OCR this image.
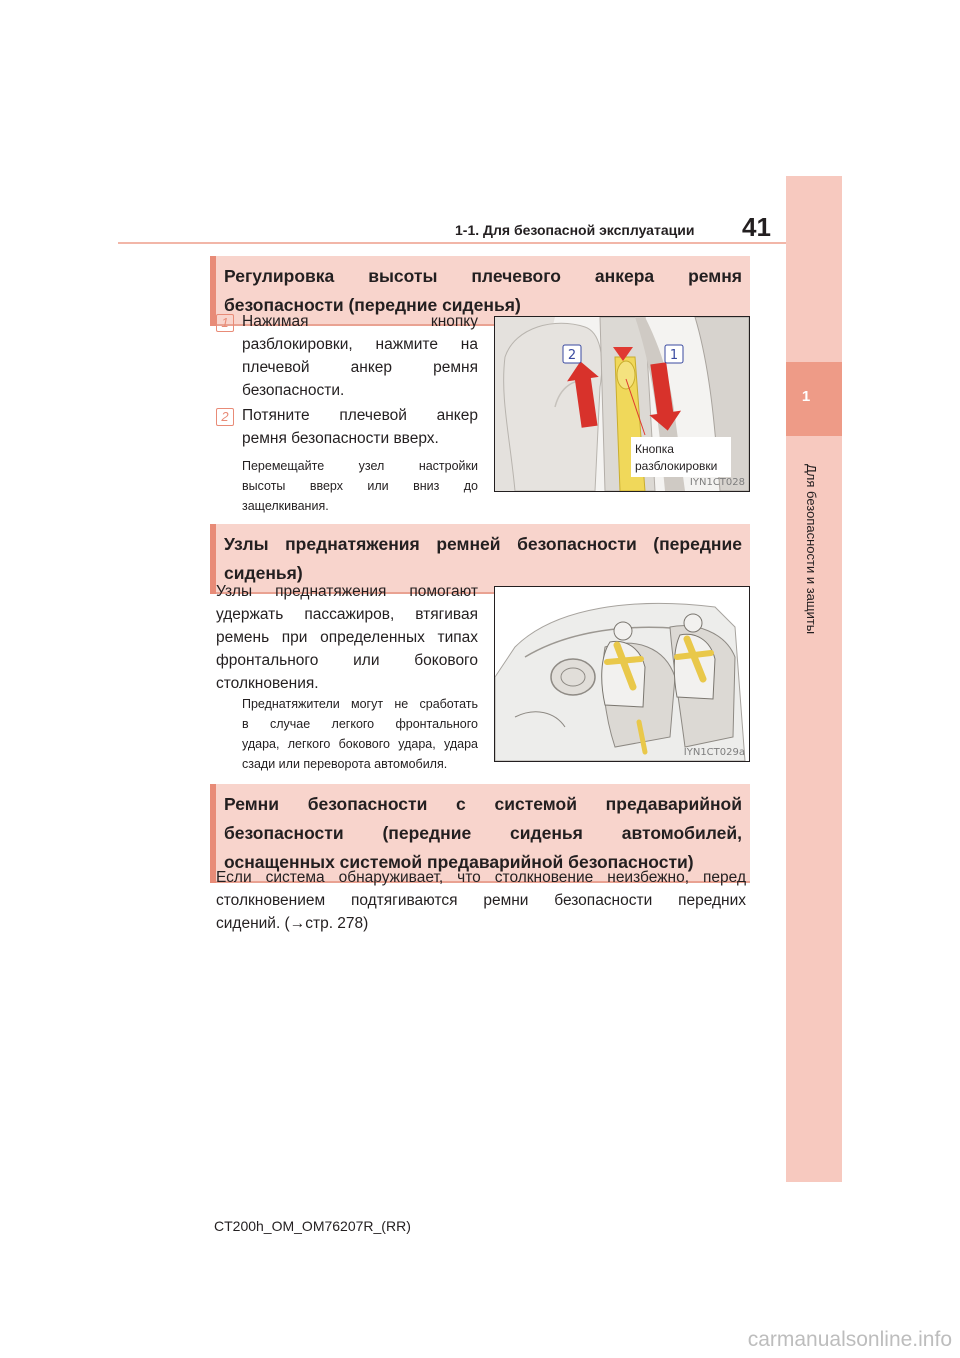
1-1. Для безопасной эксплуатации 41
1
Для безопасности и защиты
Регулировка высоты плечевого анкера ремня
безопасности (передние сиденья)
1 Нажимая кнопку
разблокировки, нажмите на
плечевой анкер ремня
безопасности.
2 Потяните плечевой анкер
ремня безопасности вверх.
Перемещайте узел настройки
высоты вверх или вниз до
защелкивания.
2	1
Кнопка
разблокировки
IYN1CT028
Узлы преднатяжения ремней безопасности (передние
сиденья)
Узлы преднатяжения помогают
удержать пассажиров, втягивая
ремень при определенных типах
фронтального или бокового
столкновения.
Преднатяжители могут не сработать
в случае легкого фронтального
удара, легкого бокового удара, удара
сзади или переворота автомобиля.
IYN1CT029a
Ремни безопасности с системой предаварийной
безопасности (передние сиденья автомобилей,
оснащенных системой предаварийной безопасности)
Если система обнаруживает, что столкновение неизбежно, перед
столкновением подтягиваются ремни безопасности передних
сидений. (→стр. 278)
CT200h_OM_OM76207R_(RR)
carmanualsonline.info
